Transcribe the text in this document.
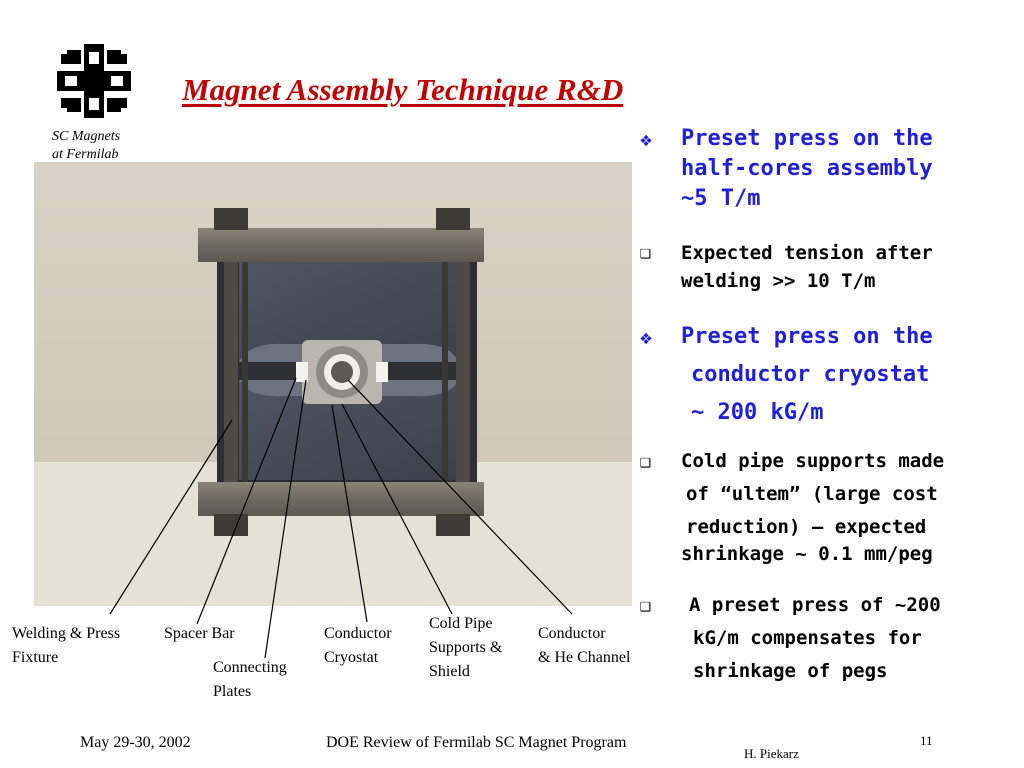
SC Magnets
at Fermilab
Magnet Assembly Technique R&D
Welding & Press
Fixture
Spacer Bar
Connecting
Plates
Conductor
Cryostat
Cold Pipe
Supports &
Shield
Conductor
& He Channel
❖ Preset press on the
half-cores assembly
~5 T/m
❑ Expected tension after
welding >> 10 T/m
❖ Preset press on the
conductor cryostat
~ 200 kG/m
❑ Cold pipe supports made
of “ultem” (large cost
reduction) – expected
shrinkage ~ 0.1 mm/peg
❑ A preset press of ~200
kG/m compensates for
shrinkage of pegs
May 29-30, 2002	DOE Review of Fermilab SC Magnet Program	11
H. Piekarz
